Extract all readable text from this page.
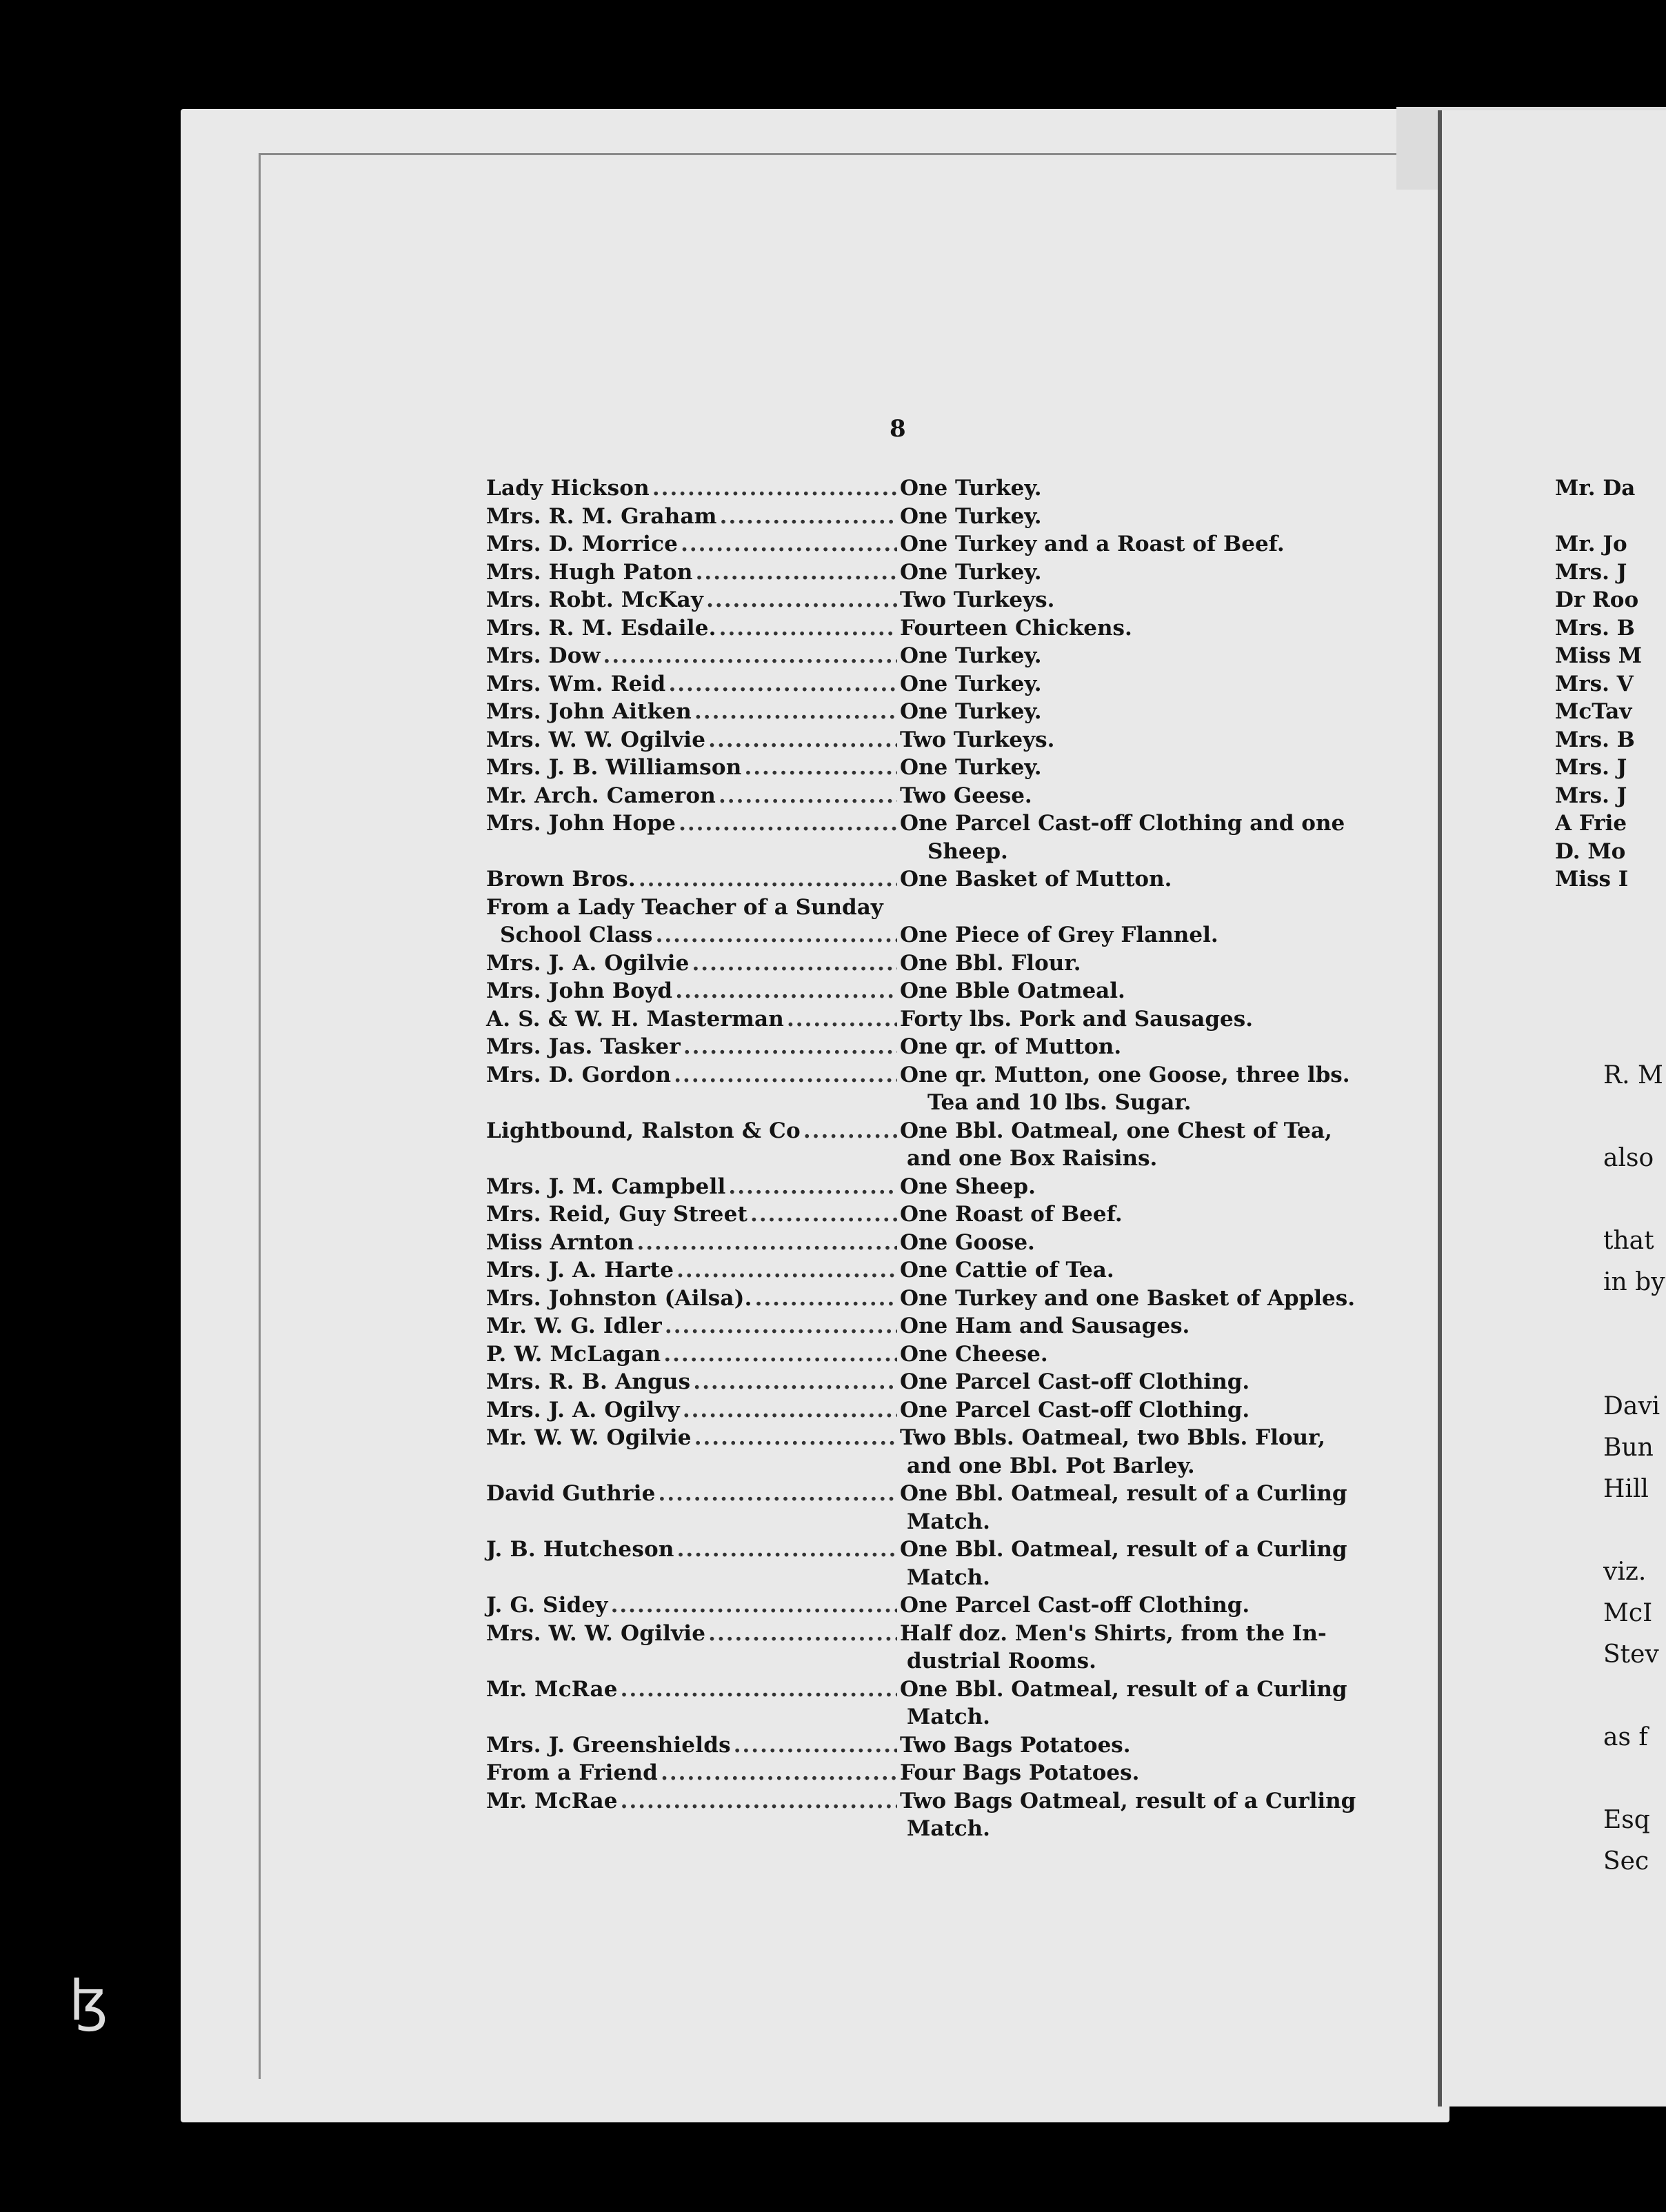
8
Lady Hickson .....	One Turkey.
Mrs. R. M. Graham .....	One Turkey.
Mrs. D. Morrice .....	One Turkey and a Roast of Beef.
Mrs. Hugh Paton .....	One Turkey.
Mrs. Robt. McKay .....	Two Turkeys.
Mrs. R. M. Esdaile. .....	Fourteen Chickens.
Mrs. Dow .....	One Turkey.
Mrs. Wm. Reid .....	One Turkey.
Mrs. John Aitken .....	One Turkey.
Mrs. W. W. Ogilvie .....	Two Turkeys.
Mrs. J. B. Williamson .....	One Turkey.
Mr. Arch. Cameron .....	Two Geese.
Mrs. John Hope .....	One Parcel Cast-off Clothing and one
Sheep.
Brown Bros. .....	One Basket of Mutton.
From a Lady Teacher of a Sunday
School Class .....	One Piece of Grey Flannel.
Mrs. J. A. Ogilvie .....	One Bbl. Flour.
Mrs. John Boyd .....	One Bble Oatmeal.
A. S. & W. H. Masterman .....	Forty lbs. Pork and Sausages.
Mrs. Jas. Tasker .....	One qr. of Mutton.
Mrs. D. Gordon .....	One qr. Mutton, one Goose, three lbs.
Tea and 10 lbs. Sugar.
Lightbound, Ralston & Co .....	One Bbl. Oatmeal, one Chest of Tea,
and one Box Raisins.
Mrs. J. M. Campbell .....	One Sheep.
Mrs. Reid, Guy Street .....	One Roast of Beef.
Miss Arnton .....	One Goose.
Mrs. J. A. Harte .....	One Cattie of Tea.
Mrs. Johnston (Ailsa). .....	One Turkey and one Basket of Apples.
Mr. W. G. Idler .....	One Ham and Sausages.
P. W. McLagan .....	One Cheese.
Mrs. R. B. Angus .....	One Parcel Cast-off Clothing.
Mrs. J. A. Ogilvy .....	One Parcel Cast-off Clothing.
Mr. W. W. Ogilvie .....	Two Bbls. Oatmeal, two Bbls. Flour,
and one Bbl. Pot Barley.
David Guthrie .....	One Bbl. Oatmeal, result of a Curling
Match.
J. B. Hutcheson .....	One Bbl. Oatmeal, result of a Curling
Match.
J. G. Sidey .....	One Parcel Cast-off Clothing.
Mrs. W. W. Ogilvie .....	Half doz. Men's Shirts, from the In-
dustrial Rooms.
Mr. McRae .....	One Bbl. Oatmeal, result of a Curling
Match.
Mrs. J. Greenshields .....	Two Bags Potatoes.
From a Friend .....	Four Bags Potatoes.
Mr. McRae .....	Two Bags Oatmeal, result of a Curling
Match.
Mr. Da
Mr. Jo
Mrs. J
Dr Roo
Mrs. B
Miss M
Mrs. V
McTav
Mrs. B
Mrs. J
Mrs. J
A Frie
D. Mo
Miss I
R. M
also
that
in by
Davi
Bun
Hill
viz.
McI
Stev
as f
Esq
Sec
ɮ
